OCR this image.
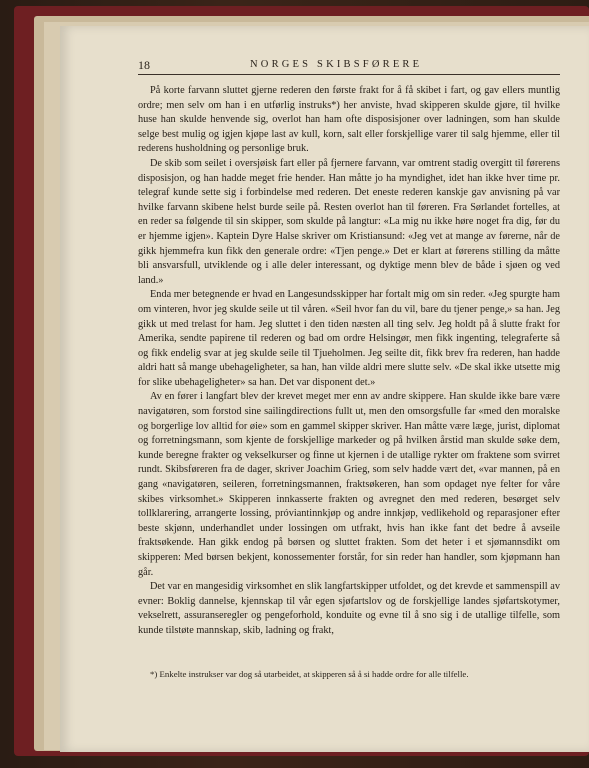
18	NORGES SKIBSFØRERE

På korte farvann sluttet gjerne rederen den første frakt for å få skibet i fart, og gav ellers muntlig ordre; men selv om han i en utførlig instruks*) her anviste, hvad skipperen skulde gjøre, til hvilke huse han skulde henvende sig, overlot han ham ofte disposisjoner over ladningen, som han skulde selge best mulig og igjen kjøpe last av kull, korn, salt eller forskjellige varer til salg hjemme, eller til rederens husholdning og personlige bruk.

De skib som seilet i oversjøisk fart eller på fjernere farvann, var omtrent stadig overgitt til førerens disposisjon, og han hadde meget frie hender. Han måtte jo ha myndighet, idet han ikke hver time pr. telegraf kunde sette sig i forbindelse med rederen. Det eneste rederen kanskje gav anvisning på var hvilke farvann skibene helst burde seile på. Resten overlot han til føreren. Fra Sørlandet fortelles, at en reder sa følgende til sin skipper, som skulde på langtur: «La mig nu ikke høre noget fra dig, før du er hjemme igjen». Kaptein Dyre Halse skriver om Kristiansund: «Jeg vet at mange av førerne, når de gikk hjemmefra kun fikk den generale ordre: «Tjen penge.» Det er klart at førerens stilling da måtte bli ansvarsfull, utviklende og i alle deler interessant, og dyktige menn blev de både i sjøen og ved land.»

Enda mer betegnende er hvad en Langesundsskipper har fortalt mig om sin reder. «Jeg spurgte ham om vinteren, hvor jeg skulde seile ut til våren. «Seil hvor fan du vil, bare du tjener penge,» sa han. Jeg gikk ut med trelast for ham. Jeg sluttet i den tiden næsten all ting selv. Jeg holdt på å slutte frakt for Amerika, sendte papirene til rederen og bad om ordre Helsingør, men fikk ingenting, telegraferte så og fikk endelig svar at jeg skulde seile til Tjueholmen. Jeg seilte dit, fikk brev fra rederen, han hadde aldri hatt så mange ubehageligheter, sa han, han vilde aldri mere slutte selv. «De skal ikke utsette mig for slike ubehageligheter» sa han. Det var disponent det.»

Av en fører i langfart blev der krevet meget mer enn av andre skippere. Han skulde ikke bare være navigatøren, som forstod sine sailingdirections fullt ut, men den omsorgsfulle far «med den moralske og borgerlige lov alltid for øie» som en gammel skipper skriver. Han måtte være læge, jurist, diplomat og forretningsmann, som kjente de forskjellige markeder og på hvilken årstid man skulde søke dem, kunde beregne frakter og vekselkurser og finne ut kjernen i de utallige rykter om fraktene som svirret rundt. Skibsføreren fra de dager, skriver Joachim Grieg, som selv hadde vært det, «var mannen, på en gang «navigatøren, seileren, forretningsmannen, fraktsøkeren, han som opdaget nye felter for våre skibes virksomhet.» Skipperen innkasserte frakten og avregnet den med rederen, besørget selv tollklarering, arrangerte lossing, próviantinnkjøp og andre innkjøp, vedlikehold og reparasjoner efter beste skjønn, underhandlet under lossingen om utfrakt, hvis han ikke fant det bedre å avseile fraktsøkende. Han gikk endog på børsen og sluttet frakten. Som det heter i et sjømannsdikt om skipperen: Med børsen bekjent, konossementer forstår, for sin reder han handler, som kjøpmann han går.

Det var en mangesidig virksomhet en slik langfartskipper utfoldet, og det krevde et sammenspill av evner: Boklig dannelse, kjennskap til vår egen sjøfartslov og de forskjellige landes sjøfartskotymer, vekselrett, assuranseregler og pengeforhold, konduite og evne til å sno sig i de utallige tilfelle, som kunde tilstøte mannskap, skib, ladning og frakt,

*) Enkelte instrukser var dog så utarbeidet, at skipperen så å si hadde ordre for alle tilfelle.
